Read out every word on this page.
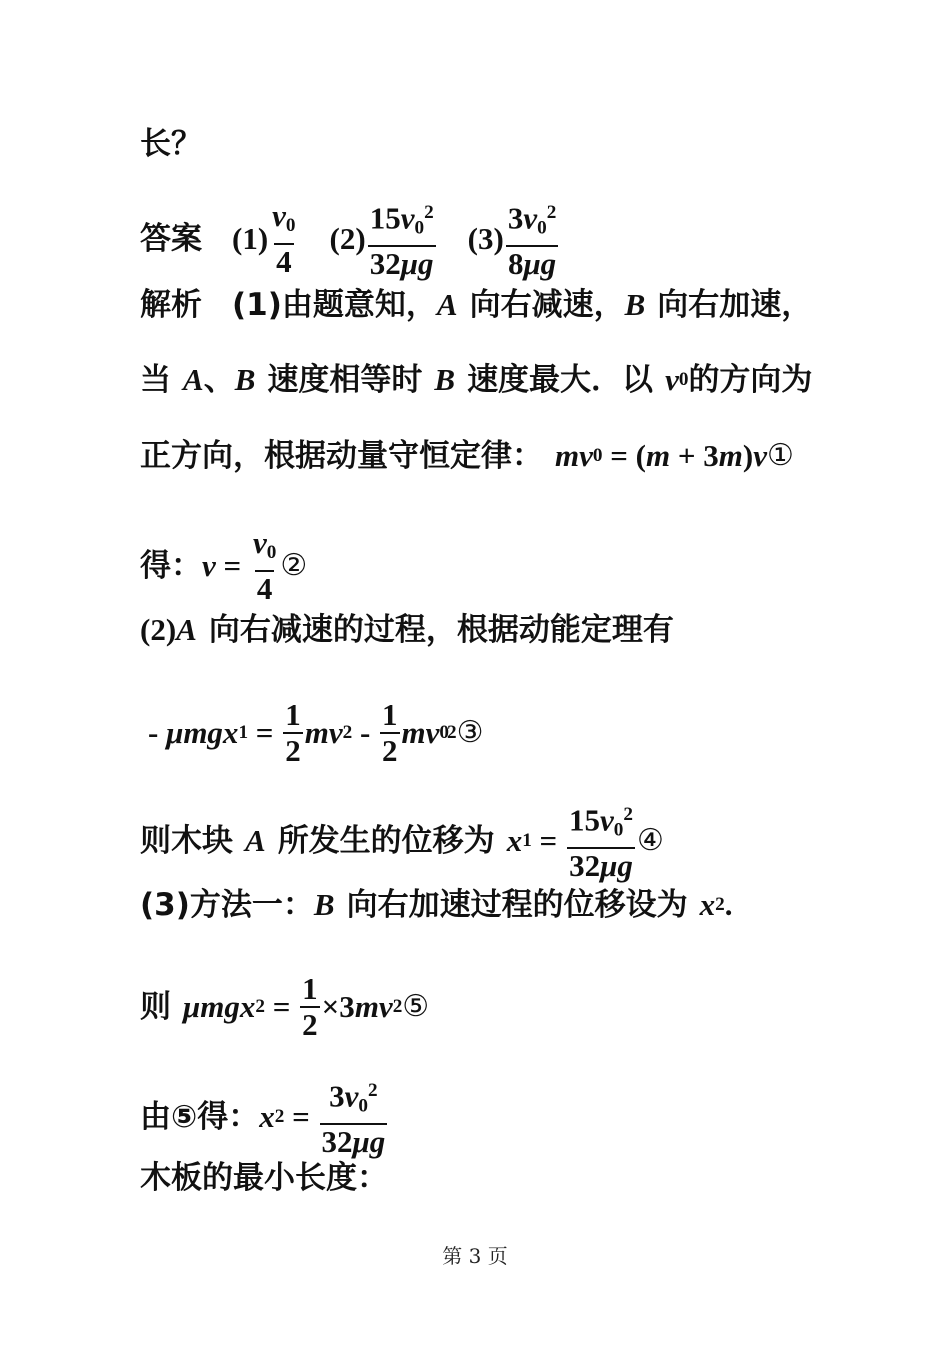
长？
答案 $(1) \frac{v_0}{4} (2) \frac{15v_0^2}{32\mu g} (3) \frac{3v_0^2}{8\mu g}$
解析 (1)由题意知， A 向右减速， B 向右加速，
当 A 、 B 速度相等时 B 速度最大．以 v 0 的方向为
正方向，根据动量守恒定律： mv 0 = ( m + 3 m ) v ①
得： $v = \frac{v_0}{4}$ ②
(2) A 向右减速的过程，根据动能定理有
- μmgx $1 = \frac{1}{2}$ mv $2 - \frac{1}{2}$ mv 0
2 ③
则木块 A 所发生的位移为 x $1 = \frac{15v_0^2}{32\mu g}$ ④
(3)方法一： B 向右加速过程的位移设为 x 2 .
则 μmgx $2 = \frac{1}{2} \times 3$ mv 2 ⑤
由⑤得： x $2 = \frac{3v_0^2}{32\mu g}$
木板的最小长度：
第 3 页
